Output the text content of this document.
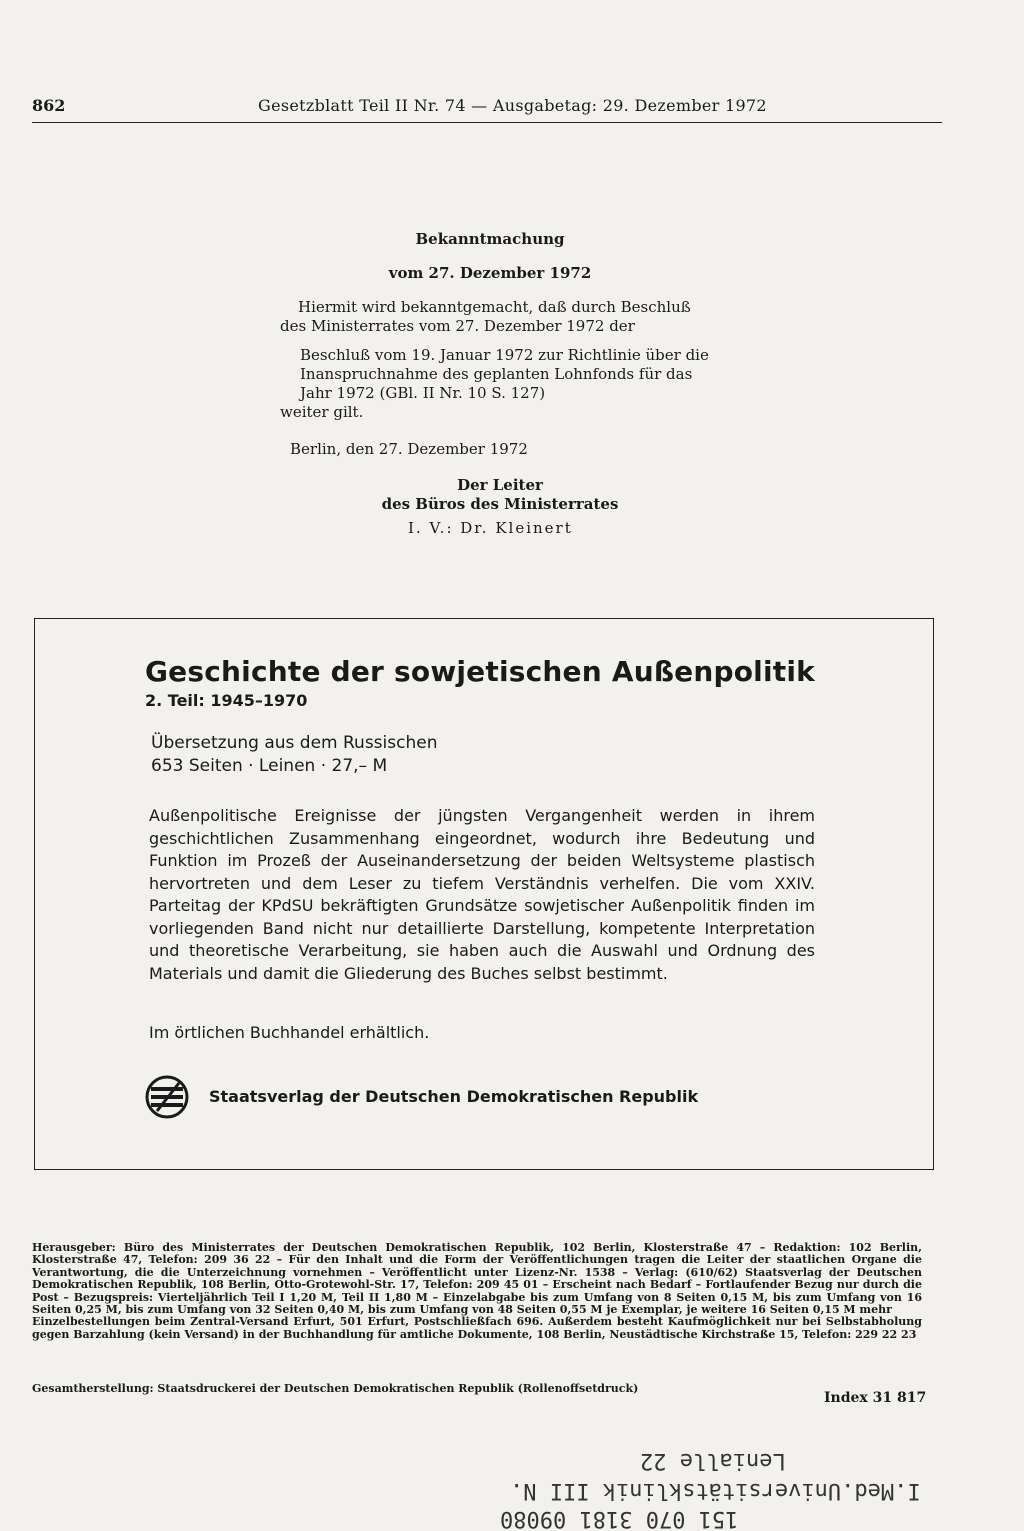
862	Gesetzblatt Teil II Nr. 74 — Ausgabetag: 29. Dezember 1972
Bekanntmachung
vom 27. Dezember 1972
Hiermit wird bekanntgemacht, daß durch Beschluß
des Ministerrates vom 27. Dezember 1972 der
Beschluß vom 19. Januar 1972 zur Richtlinie über die
Inanspruchnahme des geplanten Lohnfonds für das
Jahr 1972 (GBl. II Nr. 10 S. 127)
weiter gilt.
Berlin, den 27. Dezember 1972
Der Leiter
des Büros des Ministerrates
I. V.: Dr. Kleinert
Geschichte der sowjetischen Außenpolitik
2. Teil: 1945–1970
Übersetzung aus dem Russischen
653 Seiten · Leinen · 27,– M
Außenpolitische Ereignisse der jüngsten Vergangenheit werden in ihrem geschichtlichen Zusammenhang eingeordnet, wodurch ihre Bedeutung und Funktion im Prozeß der Auseinandersetzung der beiden Weltsysteme plastisch hervortreten und dem Leser zu tiefem Verständnis verhelfen. Die vom XXIV. Parteitag der KPdSU bekräftigten Grundsätze sowjetischer Außenpolitik finden im vorliegenden Band nicht nur detaillierte Darstellung, kompetente Interpretation und theoretische Verarbeitung, sie haben auch die Auswahl und Ordnung des Materials und damit die Gliederung des Buches selbst bestimmt.
Im örtlichen Buchhandel erhältlich.
Staatsverlag der Deutschen Demokratischen Republik
Herausgeber: Büro des Ministerrates der Deutschen Demokratischen Republik, 102 Berlin, Klosterstraße 47 – Redaktion: 102 Berlin, Klosterstraße 47, Telefon: 209 36 22 – Für den Inhalt und die Form der Veröffentlichungen tragen die Leiter der staatlichen Organe die Verantwortung, die die Unterzeichnung vornehmen – Veröffentlicht unter Lizenz-Nr. 1538 – Verlag: (610/62) Staatsverlag der Deutschen Demokratischen Republik, 108 Berlin, Otto-Grotewohl-Str. 17, Telefon: 209 45 01 – Erscheint nach Bedarf – Fortlaufender Bezug nur durch die Post – Bezugspreis: Vierteljährlich Teil I 1,20 M, Teil II 1,80 M – Einzelabgabe bis zum Umfang von 8 Seiten 0,15 M, bis zum Umfang von 16 Seiten 0,25 M, bis zum Umfang von 32 Seiten 0,40 M, bis zum Umfang von 48 Seiten 0,55 M je Exemplar, je weitere 16 Seiten 0,15 M mehr
Einzelbestellungen beim Zentral-Versand Erfurt, 501 Erfurt, Postschließfach 696. Außerdem besteht Kaufmöglichkeit nur bei Selbstabholung gegen Barzahlung (kein Versand) in der Buchhandlung für amtliche Dokumente, 108 Berlin, Neustädtische Kirchstraße 15, Telefon: 229 22 23
Gesamtherstellung: Staatsdruckerei der Deutschen Demokratischen Republik (Rollenoffsetdruck)
Index 31 817
Lenialle 22
I.Med.Universitätsklinik III N.
151 070 3181 09080
